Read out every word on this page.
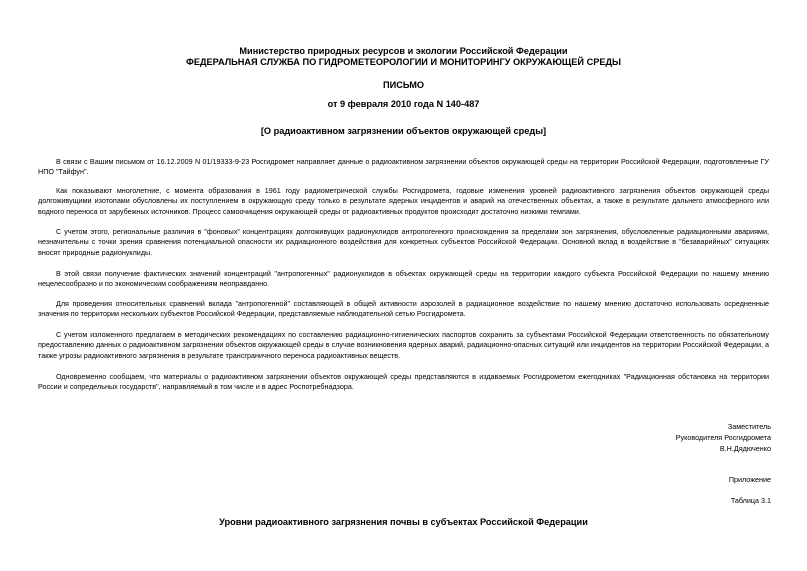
Министерство природных ресурсов и экологии Российской Федерации
ФЕДЕРАЛЬНАЯ СЛУЖБА ПО ГИДРОМЕТЕОРОЛОГИИ И МОНИТОРИНГУ ОКРУЖАЮЩЕЙ СРЕДЫ
ПИСЬМО
от 9 февраля 2010 года N 140-487
[О радиоактивном загрязнении объектов окружающей среды]

В связи с Вашим письмом от 16.12.2009 N 01/19333-9-23 Росгидромет направляет данные о радиоактивном загрязнении объектов окружающей среды на территории Российской Федерации, подготовленные ГУ НПО "Тайфун".

Как показывают многолетние, с момента образования в 1961 году радиометрической службы Росгидромета, годовые изменения уровней радиоактивного загрязнения объектов окружающей среды долгоживущими изотопами обусловлены их поступлением в окружающую среду только в результате ядерных инцидентов и аварий на отечественных объектах, а также в результате дальнего атмосферного или водного переноса от зарубежных источников. Процесс самоочищения окружающей среды от радиоактивных продуктов происходит достаточно низкими темпами.

С учетом этого, региональные различия в "фоновых" концентрациях долгоживущих радионуклидов антропогенного происхождения за пределами зон загрязнения, обусловленные радиационными авариями, незначительны с точки зрения сравнения потенциальной опасности их радиационного воздействия для конкретных субъектов Российской Федерации. Основной вклад в воздействие в "безаварийных" ситуациях вносят природные радионуклиды.

В этой связи получение фактических значений концентраций "антропогенных" радионуклидов в объектах окружающей среды на территории каждого субъекта Российской Федерации по нашему мнению нецелесообразно и по экономическим соображениям неоправданно.

Для проведения относительных сравнений вклада "антропогенной" составляющей в общей активности аэрозолей в радиационное воздействие по нашему мнению достаточно использовать осредненные значения по территории нескольких субъектов Российской Федерации, представляемые наблюдательной сетью Росгидромета.

С учетом изложенного предлагаем в методических рекомендациях по составлению радиационно-гигиенических паспортов сохранить за субъектами Российской Федерации ответственность по обязательному предоставлению данных о радиоактивном загрязнении объектов окружающей среды в случае возникновения ядерных аварий, радиационно-опасных ситуаций или инцидентов на территории Российской Федерации, а также угрозы радиоактивного загрязнения в результате трансграничного переноса радиоактивных веществ.

Одновременно сообщаем, что материалы о радиоактивном загрязнении объектов окружающей среды представляются в издаваемых Росгидрометом ежегодниках "Радиационная обстановка на территории России и сопредельных государств", направляемый в том числе и в адрес Роспотребнадзора.

Заместитель
Руководителя Росгидромета
В.Н.Дядюченко
Приложение
Таблица 3.1
Уровни радиоактивного загрязнения почвы в субъектах Российской Федерации
